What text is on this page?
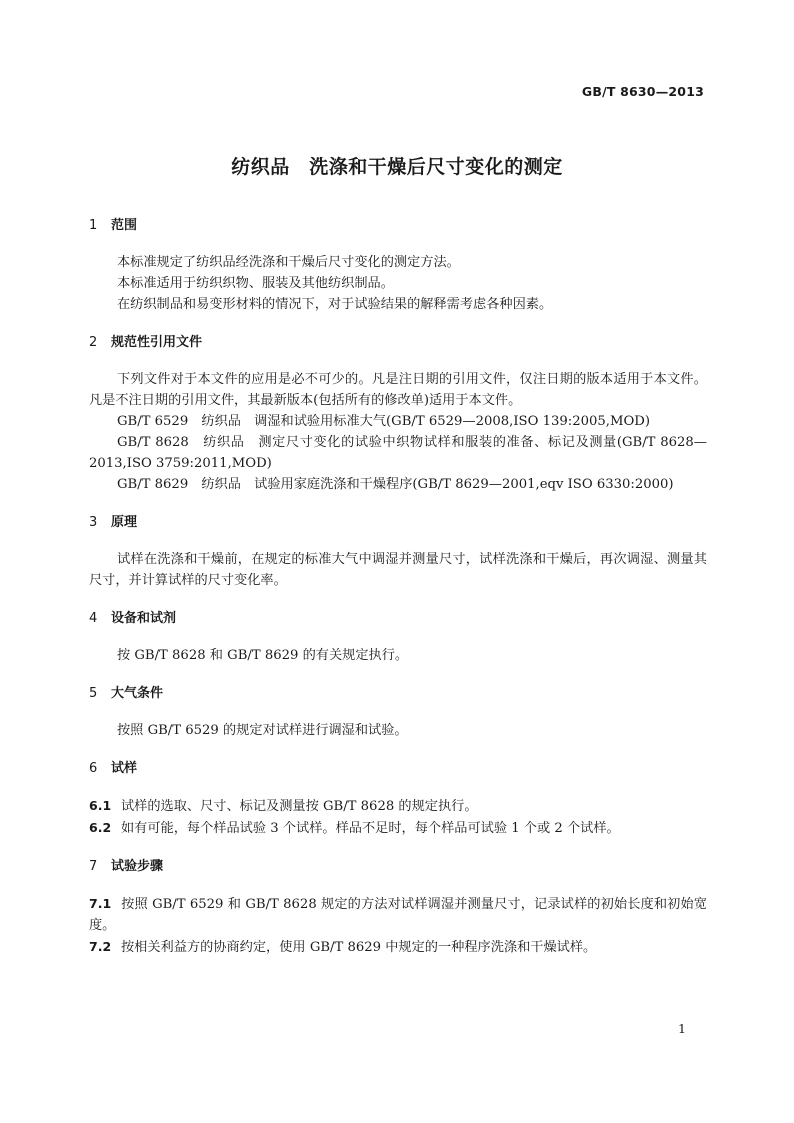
GB/T 8630—2013
纺织品　洗涤和干燥后尺寸变化的测定
1 范围

本标准规定了纺织品经洗涤和干燥后尺寸变化的测定方法。

本标准适用于纺织织物、服装及其他纺织制品。

在纺织制品和易变形材料的情况下，对于试验结果的解释需考虑各种因素。

2 规范性引用文件

下列文件对于本文件的应用是必不可少的。凡是注日期的引用文件，仅注日期的版本适用于本文件。凡是不注日期的引用文件，其最新版本(包括所有的修改单)适用于本文件。

GB/T 6529　纺织品　调湿和试验用标准大气(GB/T 6529—2008,ISO 139:2005,MOD)

GB/T 8628　纺织品　测定尺寸变化的试验中织物试样和服装的准备、标记及测量(GB/T 8628—2013,ISO 3759:2011,MOD)

GB/T 8629　纺织品　试验用家庭洗涤和干燥程序(GB/T 8629—2001,eqv ISO 6330:2000)

3 原理

试样在洗涤和干燥前，在规定的标准大气中调湿并测量尺寸，试样洗涤和干燥后，再次调湿、测量其尺寸，并计算试样的尺寸变化率。

4 设备和试剂

按 GB/T 8628 和 GB/T 8629 的有关规定执行。

5 大气条件

按照 GB/T 6529 的规定对试样进行调湿和试验。

6 试样

6.1 试样的选取、尺寸、标记及测量按 GB/T 8628 的规定执行。

6.2 如有可能，每个样品试验 3 个试样。样品不足时，每个样品可试验 1 个或 2 个试样。

7 试验步骤

7.1 按照 GB/T 6529 和 GB/T 8628 规定的方法对试样调湿并测量尺寸，记录试样的初始长度和初始宽度。

7.2 按相关利益方的协商约定，使用 GB/T 8629 中规定的一种程序洗涤和干燥试样。

1
